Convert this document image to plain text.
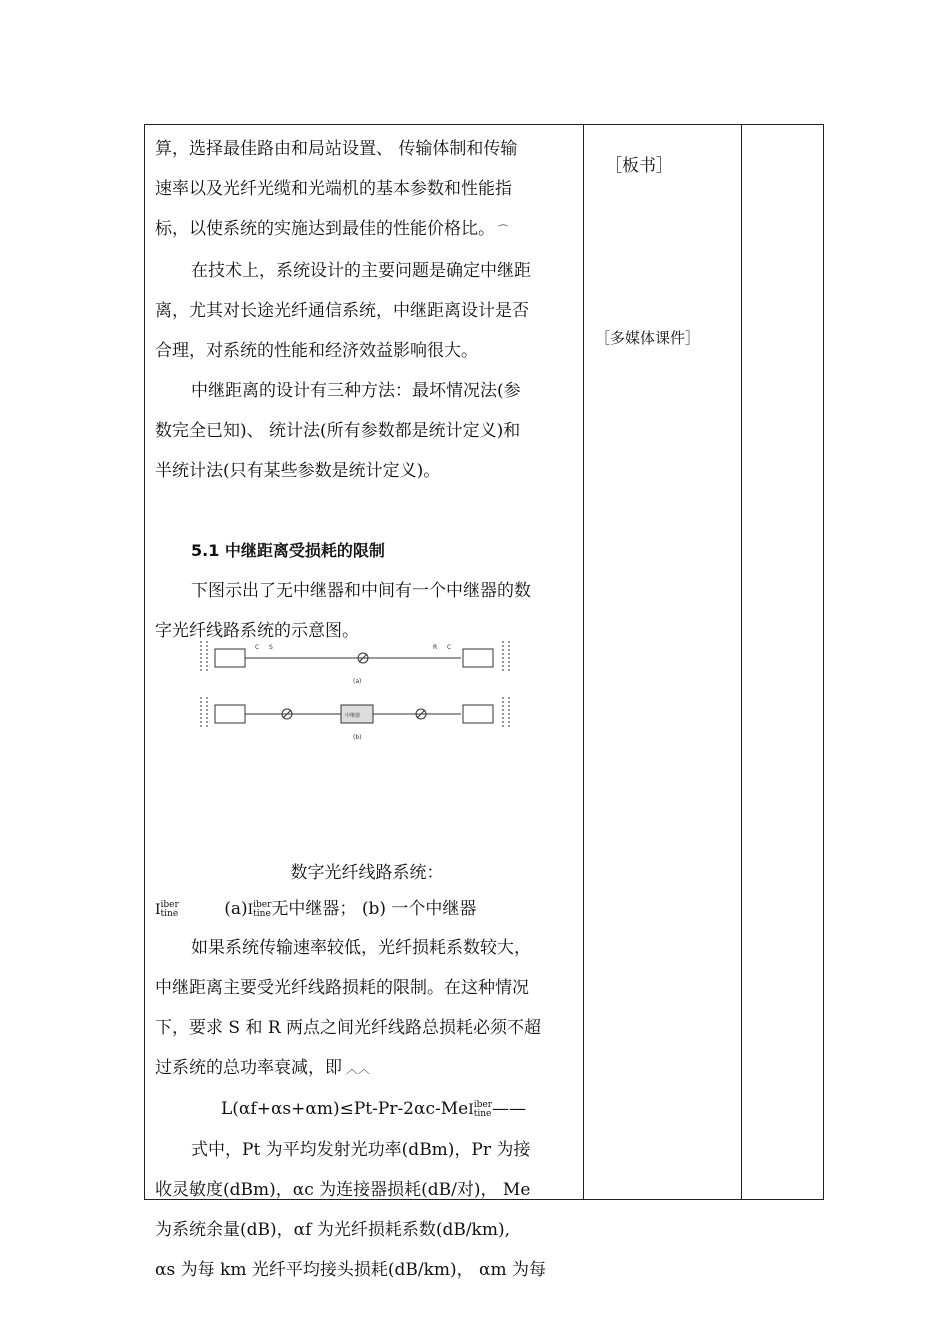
算，选择最佳路由和局站设置、 传输体制和传输

速率以及光纤光缆和光端机的基本参数和性能指

标，以使系统的实施达到最佳的性能价格比。 ⌒

在技术上，系统设计的主要问题是确定中继距

离，尤其对长途光纤通信系统，中继距离设计是否

合理，对系统的性能和经济效益影响很大。

中继距离的设计有三种方法：最坏情况法(参

数完全已知)、 统计法(所有参数都是统计定义)和

半统计法(只有某些参数是统计定义)。

5.1 中继距离受损耗的限制

下图示出了无中继器和中间有一个中继器的数

字光纤线路系统的示意图。

数字光纤线路系统：

Iiber
tine	(a)Iiber
tine无中继器； (b) 一个中继器

如果系统传输速率较低，光纤损耗系数较大，

中继距离主要受光纤线路损耗的限制。在这种情况

下，要求 S 和 R 两点之间光纤线路总损耗必须不超

过系统的总功率衰减，即 ︿︿

L(αf+αs+αm)≤Pt-Pr-2αc-MeIiber
tine——

式中，Pt 为平均发射光功率(dBm)，Pr 为接

收灵敏度(dBm)，αc 为连接器损耗(dB/对)， Me

为系统余量(dB)，αf 为光纤损耗系数(dB/km),

αs 为每 km 光纤平均接头损耗(dB/km)， αm 为每

C S	R C
(a)
中继器
(b)
［板书］
［多媒体课件］
